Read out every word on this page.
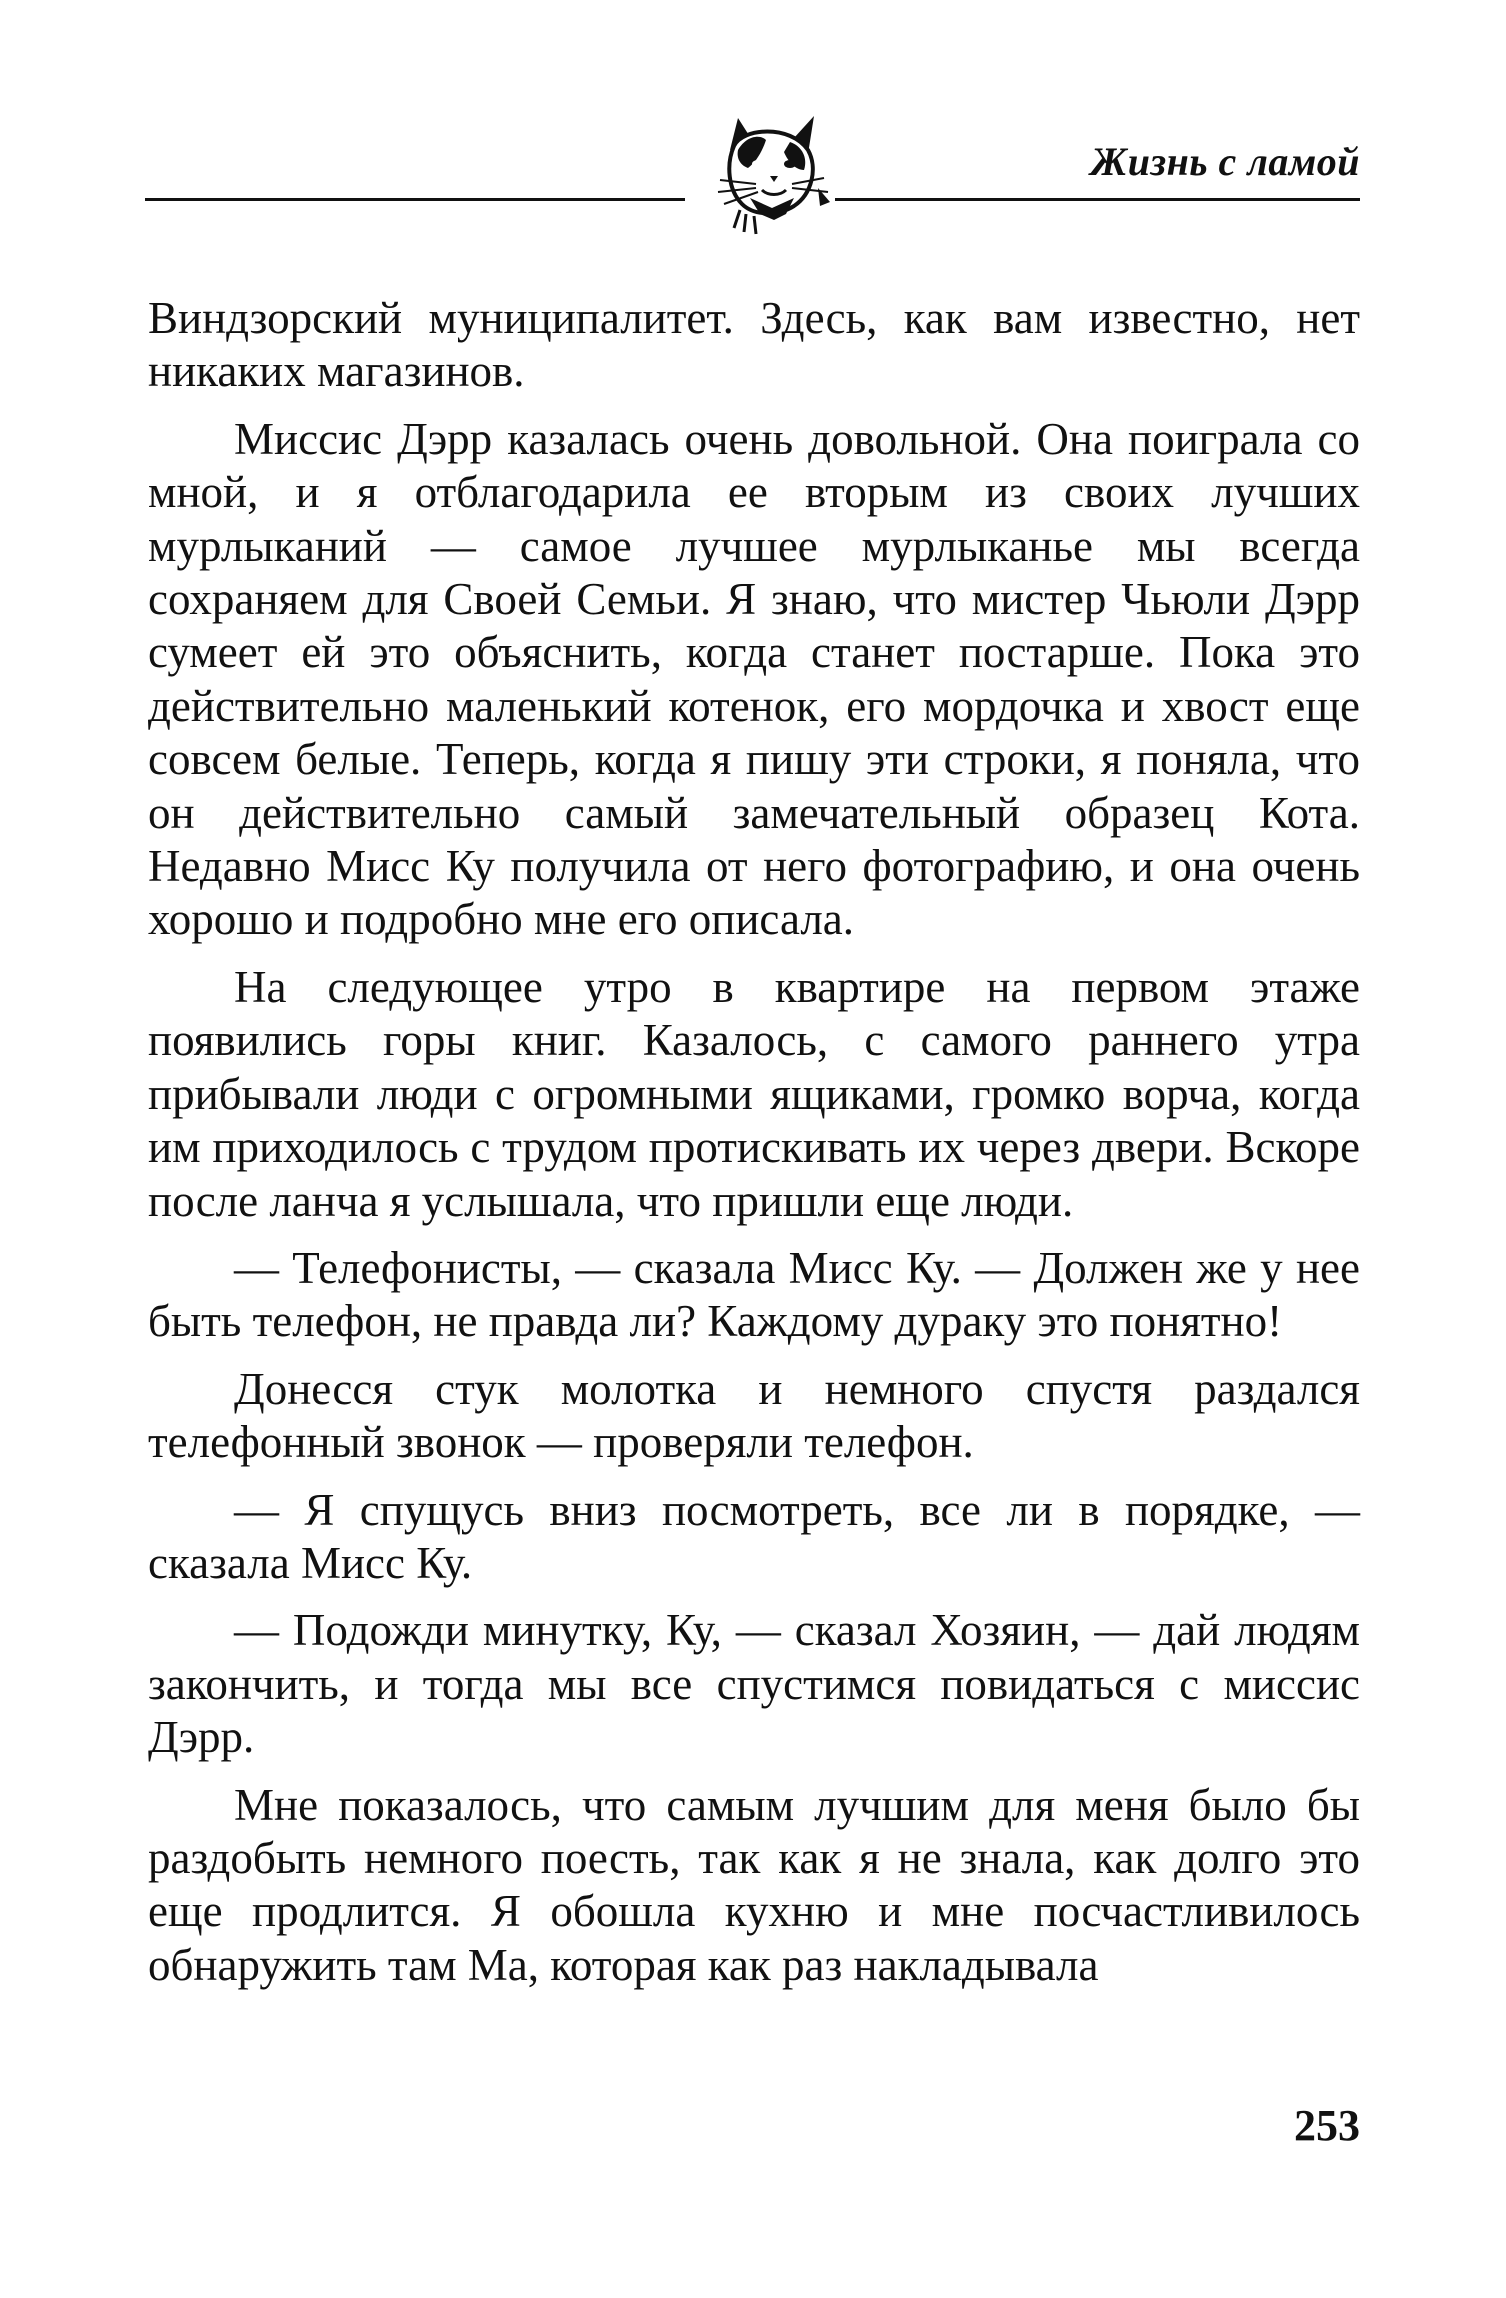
Жизнь с ламой

Виндзорский муниципалитет. Здесь, как вам известно, нет никаких магазинов.

Миссис Дэрр казалась очень довольной. Она поиграла со мной, и я отблагодарила ее вторым из своих лучших мурлыканий — самое лучшее мурлыканье мы всегда сохраняем для Своей Семьи. Я знаю, что мистер Чьюли Дэрр сумеет ей это объяснить, когда станет постарше. Пока это действительно маленький котенок, его мордочка и хвост еще совсем белые. Теперь, когда я пишу эти строки, я поняла, что он действительно самый замечательный образец Кота. Недавно Мисс Ку получила от него фотографию, и она очень хорошо и подробно мне его описала.

На следующее утро в квартире на первом этаже появились горы книг. Казалось, с самого раннего утра прибывали люди с огромными ящиками, громко ворча, когда им приходилось с трудом протискивать их через двери. Вскоре после ланча я услышала, что пришли еще люди.

— Телефонисты, — сказала Мисс Ку. — Должен же у нее быть телефон, не правда ли? Каждому дураку это понятно!

Донесся стук молотка и немного спустя раздался телефонный звонок — проверяли телефон.

— Я спущусь вниз посмотреть, все ли в порядке, — сказала Мисс Ку.

— Подожди минутку, Ку, — сказал Хозяин, — дай людям закончить, и тогда мы все спустимся повидаться с миссис Дэрр.

Мне показалось, что самым лучшим для меня было бы раздобыть немного поесть, так как я не знала, как долго это еще продлится. Я обошла кухню и мне посчастливилось обнаружить там Ма, которая как раз накладывала

253
